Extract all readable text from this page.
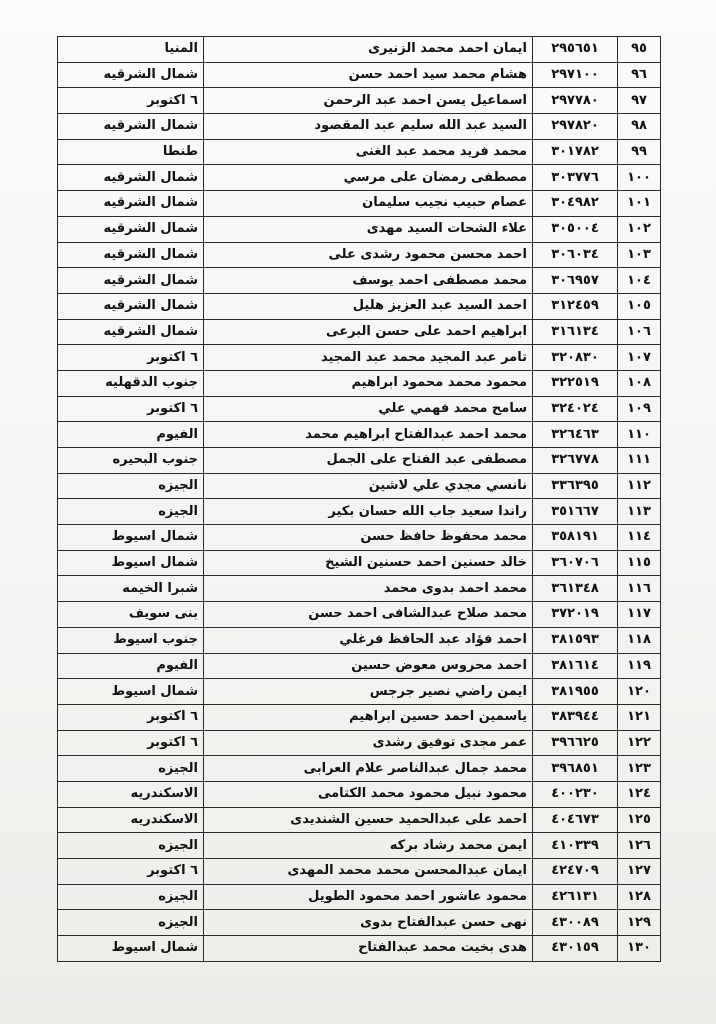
٩٥	٢٩٥٦٥١	ايمان احمد محمد الزنيرى	المنيا
٩٦	٢٩٧١٠٠	هشام محمد سيد احمد حسن	شمال الشرقيه
٩٧	٢٩٧٧٨٠	اسماعيل يسن احمد عبد الرحمن	٦ اكتوبر
٩٨	٢٩٧٨٢٠	السيد عبد الله سليم عبد المقصود	شمال الشرقيه
٩٩	٣٠١٧٨٢	محمد فريد محمد عبد الغنى	طنطا
١٠٠	٣٠٣٧٧٦	مصطفى رمضان على مرسي	شمال الشرقيه
١٠١	٣٠٤٩٨٢	عصام حبيب نجيب سليمان	شمال الشرقيه
١٠٢	٣٠٥٠٠٤	علاء الشحات السيد مهدى	شمال الشرقيه
١٠٣	٣٠٦٠٣٤	احمد محسن محمود رشدى على	شمال الشرقيه
١٠٤	٣٠٦٩٥٧	محمد مصطفى احمد يوسف	شمال الشرقيه
١٠٥	٣١٢٤٥٩	احمد السيد عبد العزيز هليل	شمال الشرقيه
١٠٦	٣١٦١٣٤	ابراهيم احمد على حسن البرعى	شمال الشرقيه
١٠٧	٣٢٠٨٣٠	تامر عبد المجيد محمد عبد المجيد	٦ اكتوبر
١٠٨	٣٢٢٥١٩	محمود محمد محمود ابراهيم	جنوب الدقهليه
١٠٩	٣٢٤٠٢٤	سامح محمد فهمي علي	٦ اكتوبر
١١٠	٣٢٦٤٦٣	محمد احمد عبدالفتاح ابراهيم محمد	الفيوم
١١١	٣٢٦٧٧٨	مصطفى عبد الفتاح على الجمل	جنوب البحيره
١١٢	٣٣٦٣٩٥	نانسي مجدي علي لاشين	الجيزه
١١٣	٣٥١٦٦٧	راندا سعيد جاب الله حسان بكير	الجيزه
١١٤	٣٥٨١٩١	محمد محفوظ حافظ حسن	شمال اسيوط
١١٥	٣٦٠٧٠٦	خالد حسنين احمد حسنين الشيخ	شمال اسيوط
١١٦	٣٦١٣٤٨	محمد احمد بدوى محمد	شبرا الخيمه
١١٧	٣٧٢٠١٩	محمد صلاح عبدالشافى احمد حسن	بنى سويف
١١٨	٣٨١٥٩٣	احمد فؤاد عبد الحافظ فرغلي	جنوب اسيوط
١١٩	٣٨١٦١٤	احمد محروس معوض حسين	الفيوم
١٢٠	٣٨١٩٥٥	ايمن راضي نصير جرجس	شمال اسيوط
١٢١	٣٨٣٩٤٤	ياسمين احمد حسين ابراهيم	٦ اكتوبر
١٢٢	٣٩٦٦٢٥	عمر مجدى توفيق رشدى	٦ اكتوبر
١٢٣	٣٩٦٨٥١	محمد جمال عبدالناصر علام العرابى	الجيزه
١٢٤	٤٠٠٢٣٠	محمود نبيل محمود محمد الكتامى	الاسكندريه
١٢٥	٤٠٤٦٧٣	احمد على عبدالحميد حسين الشنديدى	الاسكندريه
١٢٦	٤١٠٣٣٩	ايمن محمد رشاد بركه	الجيزه
١٢٧	٤٢٤٧٠٩	ايمان عبدالمحسن محمد محمد المهدى	٦ اكتوبر
١٢٨	٤٢٦١٣١	محمود عاشور احمد محمود الطويل	الجيزه
١٢٩	٤٣٠٠٨٩	نهى حسن عبدالفتاح بدوى	الجيزه
١٣٠	٤٣٠١٥٩	هدى بخيت محمد عبدالفتاح	شمال اسيوط
